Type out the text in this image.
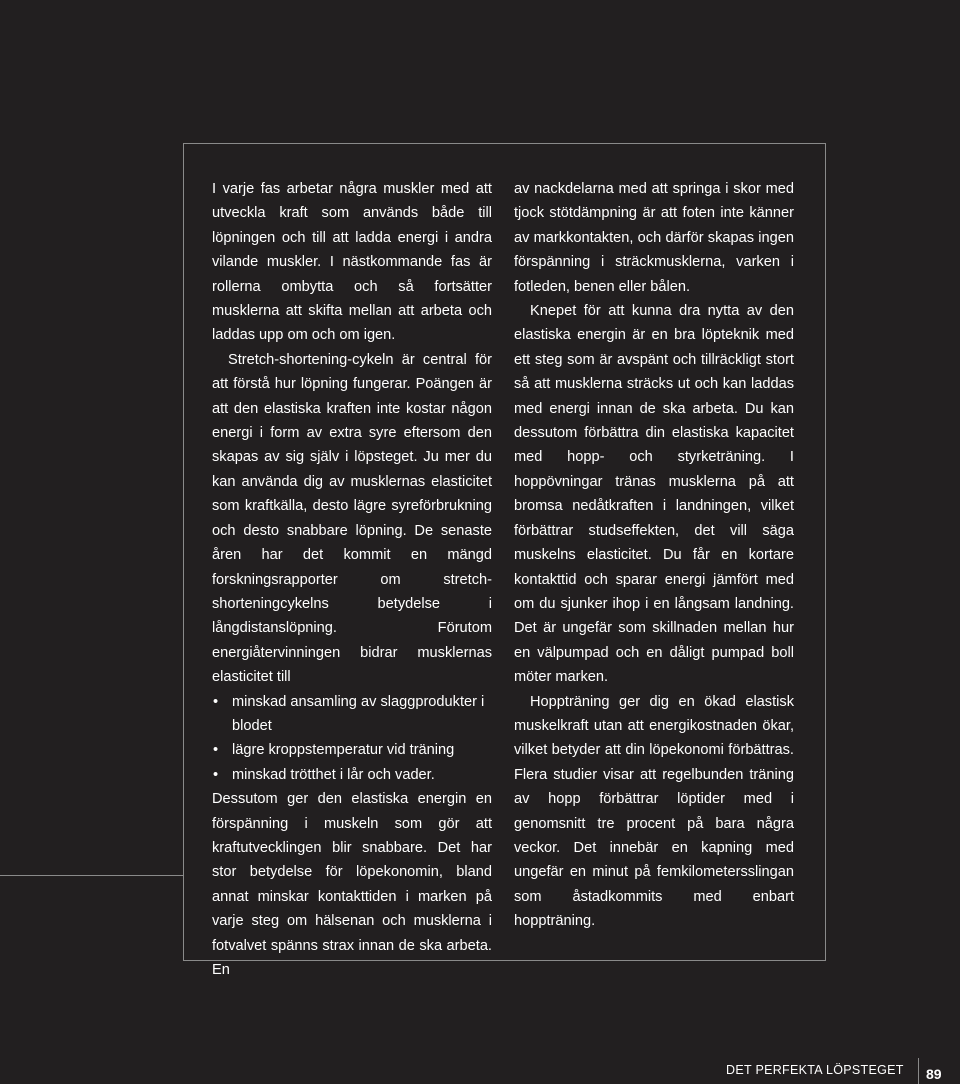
I varje fas arbetar några muskler med att utveckla kraft som används både till löpningen och till att ladda energi i andra vilande muskler. I nästkommande fas är rollerna ombytta och så fortsätter musklerna att skifta mellan att arbeta och laddas upp om och om igen.

Stretch-shortening-cykeln är central för att förstå hur löpning fungerar. Poängen är att den elastiska kraften inte kostar någon energi i form av extra syre eftersom den skapas av sig själv i löpsteget. Ju mer du kan använda dig av musklernas elasticitet som kraftkälla, desto lägre syreförbrukning och desto snabbare löpning. De senaste åren har det kommit en mängd forskningsrapporter om stretch-shorteningcykelns betydelse i långdistanslöpning. Förutom energiåtervinningen bidrar musklernas elasticitet till

• minskad ansamling av slaggprodukter i blodet
• lägre kroppstemperatur vid träning
• minskad trötthet i lår och vader.

Dessutom ger den elastiska energin en förspänning i muskeln som gör att kraftutvecklingen blir snabbare. Det har stor betydelse för löpekonomin, bland annat minskar kontakttiden i marken på varje steg om hälsenan och musklerna i fotvalvet spänns strax innan de ska arbeta. En

av nackdelarna med att springa i skor med tjock stötdämpning är att foten inte känner av markkontakten, och därför skapas ingen förspänning i sträckmusklerna, varken i fotleden, benen eller bålen.

Knepet för att kunna dra nytta av den elastiska energin är en bra löpteknik med ett steg som är avspänt och tillräckligt stort så att musklerna sträcks ut och kan laddas med energi innan de ska arbeta. Du kan dessutom förbättra din elastiska kapacitet med hopp- och styrketräning. I hoppövningar tränas musklerna på att bromsa nedåtkraften i landningen, vilket förbättrar studseffekten, det vill säga muskelns elasticitet. Du får en kortare kontakttid och sparar energi jämfört med om du sjunker ihop i en långsam landning. Det är ungefär som skillnaden mellan hur en välpumpad och en dåligt pumpad boll möter marken.

Hoppträning ger dig en ökad elastisk muskelkraft utan att energikostnaden ökar, vilket betyder att din löpekonomi förbättras. Flera studier visar att regelbunden träning av hopp förbättrar löptider med i genomsnitt tre procent på bara några veckor. Det innebär en kapning med ungefär en minut på femkilometersslingan som åstadkommits med enbart hoppträning.

DET PERFEKTA LÖPSTEGET 89
